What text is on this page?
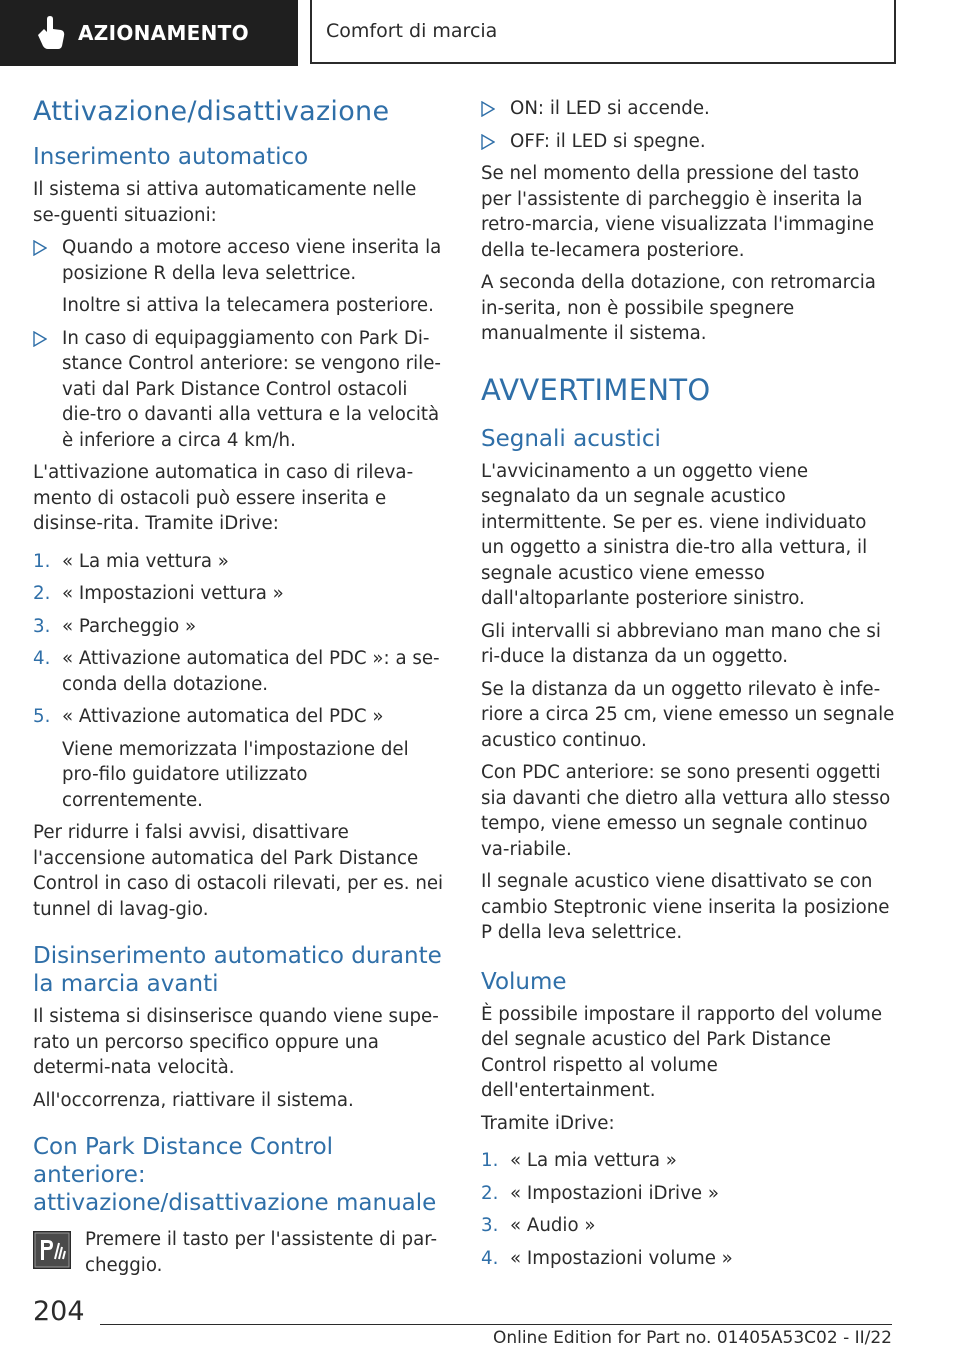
AZIONAMENTO	Comfort di marcia
Attivazione/disattivazione
Inserimento automatico

Il sistema si attiva automaticamente nelle se-guenti situazioni:

Quando a motore acceso viene inserita la posizione R della leva selettrice.
Inoltre si attiva la telecamera posteriore.
In caso di equipaggiamento con Park Di-stance Control anteriore: se vengono rile-vati dal Park Distance Control ostacoli die-tro o davanti alla vettura e la velocità è inferiore a circa 4 km/h.

L'attivazione automatica in caso di rileva-mento di ostacoli può essere inserita e disinse-rita. Tramite iDrive:

1. « La mia vettura »
2. « Impostazioni vettura »
3. « Parcheggio »
4. « Attivazione automatica del PDC »: a se-conda della dotazione.
5. « Attivazione automatica del PDC »
Viene memorizzata l'impostazione del pro-filo guidatore utilizzato correntemente.

Per ridurre i falsi avvisi, disattivare l'accensione automatica del Park Distance Control in caso di ostacoli rilevati, per es. nei tunnel di lavag-gio.

Disinserimento automatico durante la marcia avanti

Il sistema si disinserisce quando viene supe-rato un percorso specifico oppure una determi-nata velocità.

All'occorrenza, riattivare il sistema.

Con Park Distance Control anteriore: attivazione/disattivazione manuale

Premere il tasto per l'assistente di par-cheggio.

ON: il LED si accende.
OFF: il LED si spegne.

Se nel momento della pressione del tasto per l'assistente di parcheggio è inserita la retro-marcia, viene visualizzata l'immagine della te-lecamera posteriore.

A seconda della dotazione, con retromarcia in-serita, non è possibile spegnere manualmente il sistema.

AVVERTIMENTO
Segnali acustici

L'avvicinamento a un oggetto viene segnalato da un segnale acustico intermittente. Se per es. viene individuato un oggetto a sinistra die-tro alla vettura, il segnale acustico viene emesso dall'altoparlante posteriore sinistro.

Gli intervalli si abbreviano man mano che si ri-duce la distanza da un oggetto.

Se la distanza da un oggetto rilevato è infe-riore a circa 25 cm, viene emesso un segnale acustico continuo.

Con PDC anteriore: se sono presenti oggetti sia davanti che dietro alla vettura allo stesso tempo, viene emesso un segnale continuo va-riabile.

Il segnale acustico viene disattivato se con cambio Steptronic viene inserita la posizione P della leva selettrice.

Volume

È possibile impostare il rapporto del volume del segnale acustico del Park Distance Control rispetto al volume dell'entertainment.

Tramite iDrive:

1. « La mia vettura »
2. « Impostazioni iDrive »
3. « Audio »
4. « Impostazioni volume »
204
Online Edition for Part no. 01405A53C02 - II/22
